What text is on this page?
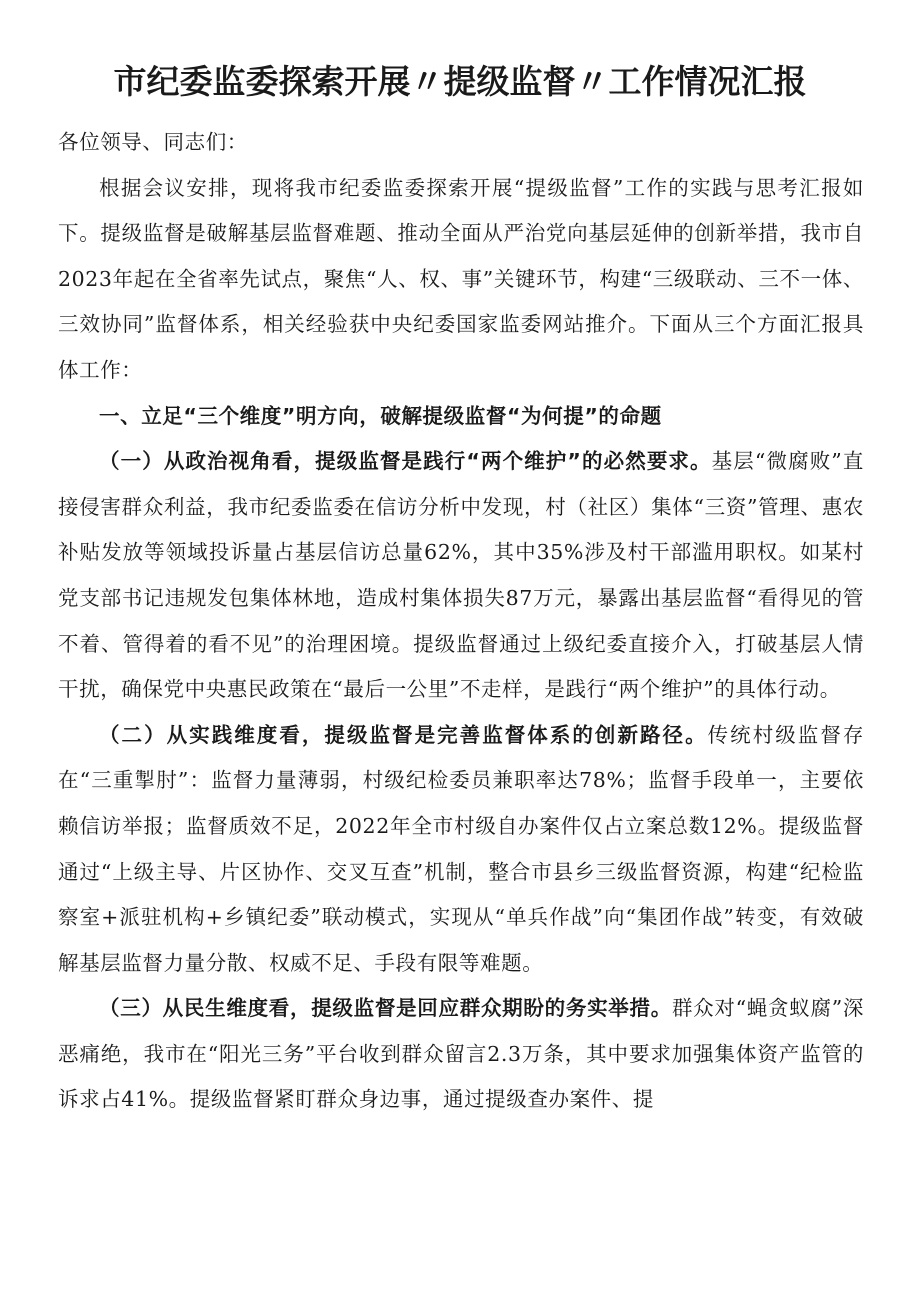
市纪委监委探索开展〃提级监督〃工作情况汇报

各位领导、同志们：

根据会议安排，现将我市纪委监委探索开展“提级监督”工作的实践与思考汇报如下。提级监督是破解基层监督难题、推动全面从严治党向基层延伸的创新举措，我市自2023年起在全省率先试点，聚焦“人、权、事”关键环节，构建“三级联动、三不一体、三效协同”监督体系，相关经验获中央纪委国家监委网站推介。下面从三个方面汇报具体工作：

一、立足“三个维度”明方向，破解提级监督“为何提”的命题

（一）从政治视角看，提级监督是践行“两个维护”的必然要求。基层“微腐败”直接侵害群众利益，我市纪委监委在信访分析中发现，村（社区）集体“三资”管理、惠农补贴发放等领域投诉量占基层信访总量62%，其中35%涉及村干部滥用职权。如某村党支部书记违规发包集体林地，造成村集体损失87万元，暴露出基层监督“看得见的管不着、管得着的看不见”的治理困境。提级监督通过上级纪委直接介入，打破基层人情干扰，确保党中央惠民政策在“最后一公里”不走样，是践行“两个维护”的具体行动。

（二）从实践维度看，提级监督是完善监督体系的创新路径。传统村级监督存在“三重掣肘”：监督力量薄弱，村级纪检委员兼职率达78%；监督手段单一，主要依赖信访举报；监督质效不足，2022年全市村级自办案件仅占立案总数12%。提级监督通过“上级主导、片区协作、交叉互查”机制，整合市县乡三级监督资源，构建“纪检监察室+派驻机构+乡镇纪委”联动模式，实现从“单兵作战”向“集团作战”转变，有效破解基层监督力量分散、权威不足、手段有限等难题。

（三）从民生维度看，提级监督是回应群众期盼的务实举措。群众对“蝇贪蚁腐”深恶痛绝，我市在“阳光三务”平台收到群众留言2.3万条，其中要求加强集体资产监管的诉求占41%。提级监督紧盯群众身边事，通过提级查办案件、提
